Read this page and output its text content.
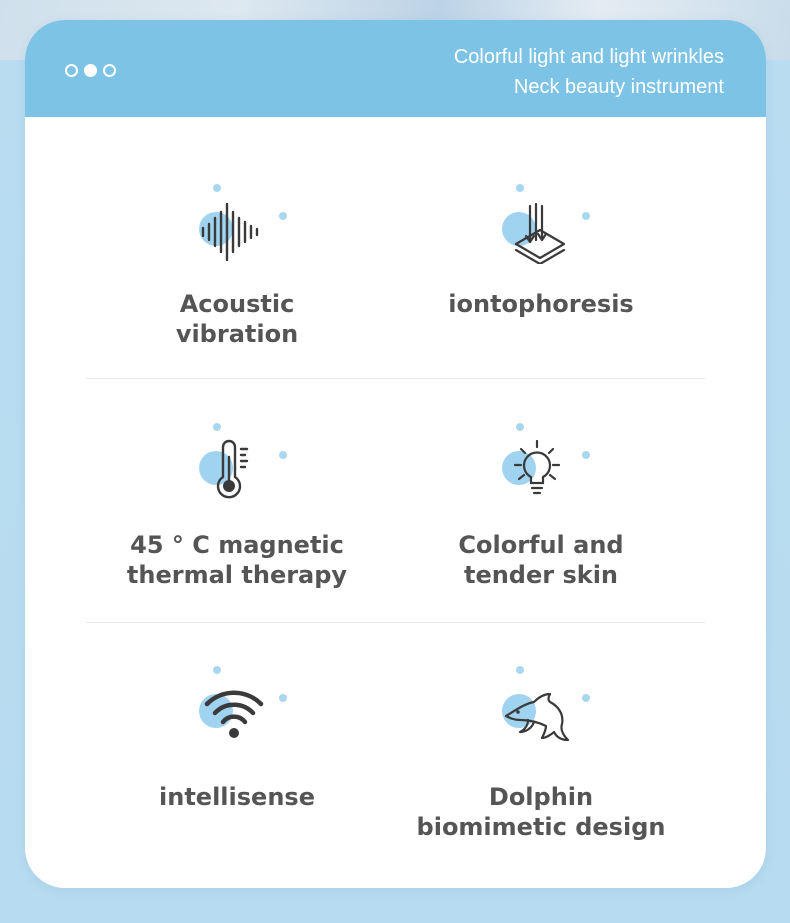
Colorful light and light wrinkles
Neck beauty instrument
Acoustic
vibration
iontophoresis
45 ° C magnetic
thermal therapy
Colorful and
tender skin
intellisense	Dolphin
biomimetic design
